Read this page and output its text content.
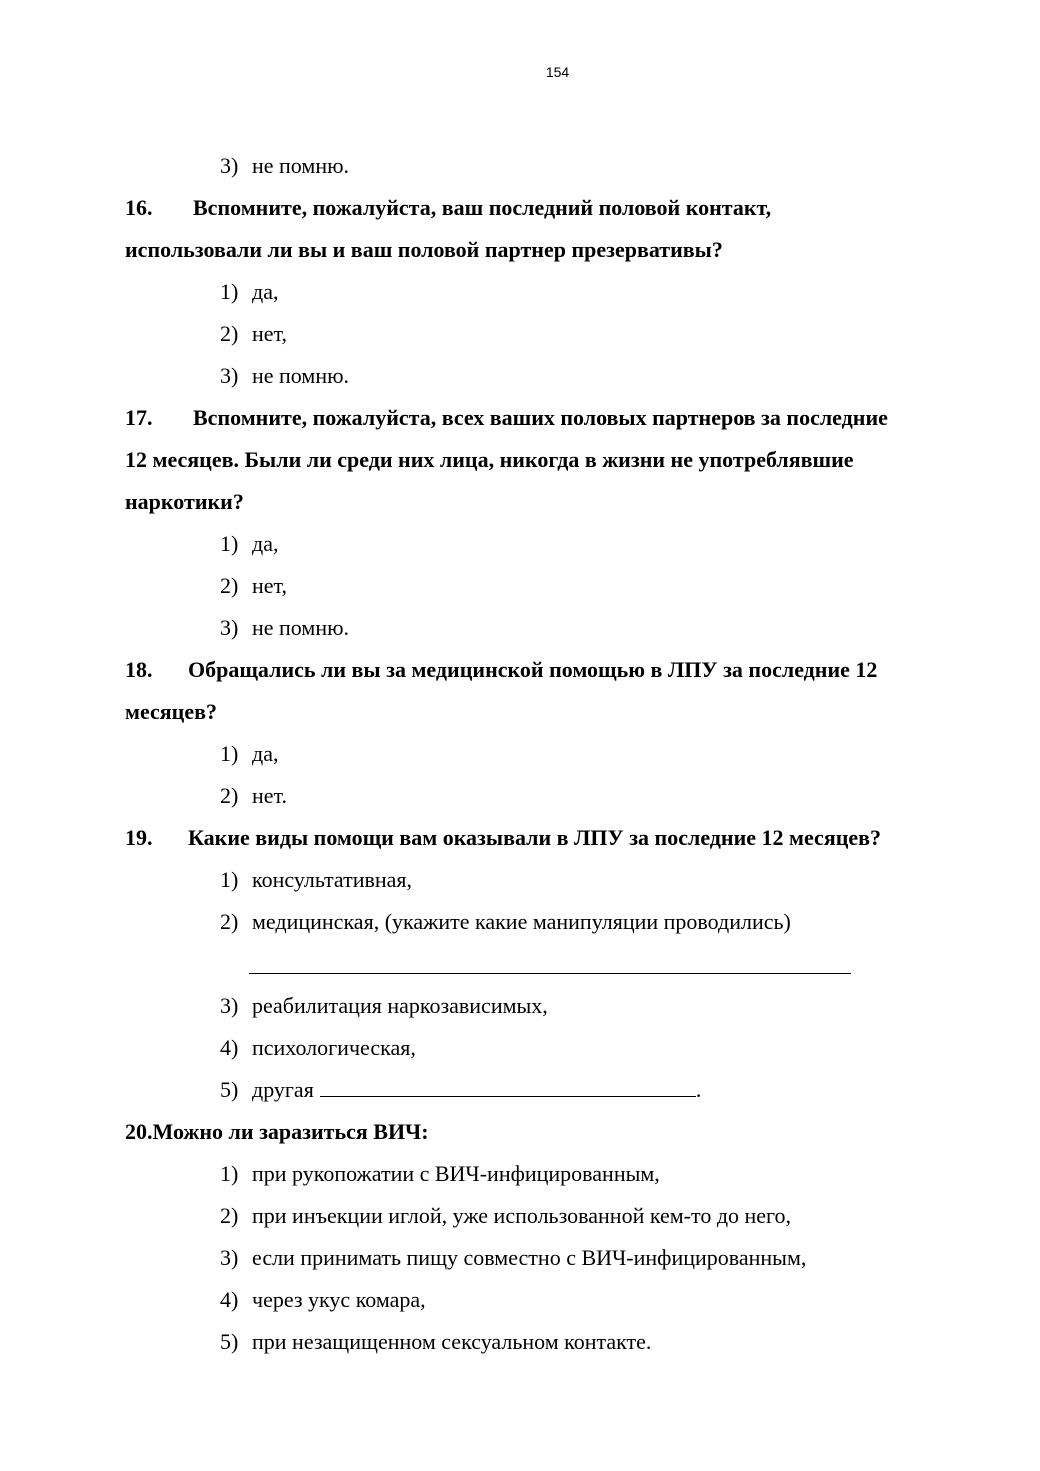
154
3) не помню.
16. Вспомните, пожалуйста, ваш последний половой контакт,
использовали ли вы и ваш половой партнер презервативы?
1) да,
2) нет,
3) не помню.
17. Вспомните, пожалуйста, всех ваших половых партнеров за последние
12 месяцев. Были ли среди них лица, никогда в жизни не употреблявшие
наркотики?
1) да,
2) нет,
3) не помню.
18. Обращались ли вы за медицинской помощью в ЛПУ за последние 12
месяцев?
1) да,
2) нет.
19. Какие виды помощи вам оказывали в ЛПУ за последние 12 месяцев?
1) консультативная,
2) медицинская, (укажите какие манипуляции проводились)
3) реабилитация наркозависимых,
4) психологическая,
5) другая	.
20.Можно ли заразиться ВИЧ:
1) при рукопожатии с ВИЧ-инфицированным,
2) при инъекции иглой, уже использованной кем-то до него,
3) если принимать пищу совместно с ВИЧ-инфицированным,
4) через укус комара,
5) при незащищенном сексуальном контакте.
